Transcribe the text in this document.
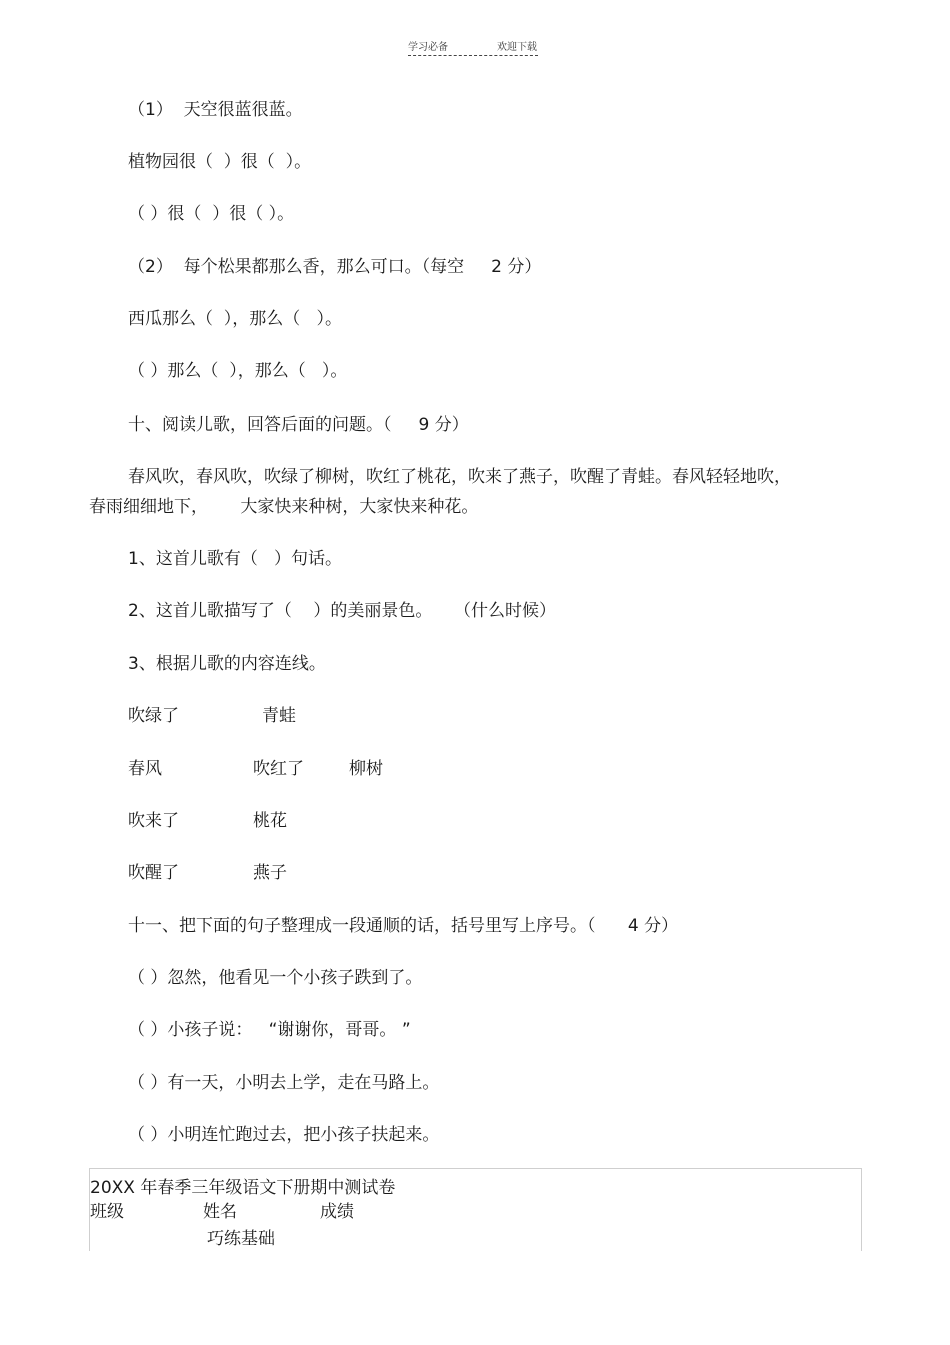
学习必备	欢迎下载
（1）  天空很蓝很蓝。
植物园很（  ）很（  ）。
（ ）很（  ）很（ ）。
（2）  每个松果都那么香，那么可口。（每空     2 分）
西瓜那么（  ），那么（   ）。
（ ）那么（  ），那么（   ）。
十、阅读儿歌，回答后面的问题。（     9 分）
春风吹，春风吹，吹绿了柳树，吹红了桃花，吹来了燕子，吹醒了青蛙。春风轻轻地吹，
春雨细细地下，      大家快来种树，大家快来种花。
1、这首儿歌有（   ）句话。
2、这首儿歌描写了（    ）的美丽景色。    （什么时候）
3、根据儿歌的内容连线。
吹绿了	青蛙
春风	吹红了	柳树
吹来了	桃花
吹醒了	燕子
十一、把下面的句子整理成一段通顺的话，括号里写上序号。（      4 分）
（ ）忽然，他看见一个小孩子跌到了。
（ ）小孩子说：   “谢谢你，哥哥。 ”
（ ）有一天，小明去上学，走在马路上。
（ ）小明连忙跑过去，把小孩子扶起来。
20XX 年春季三年级语文下册期中测试卷
班级	姓名	成绩
巧练基础
